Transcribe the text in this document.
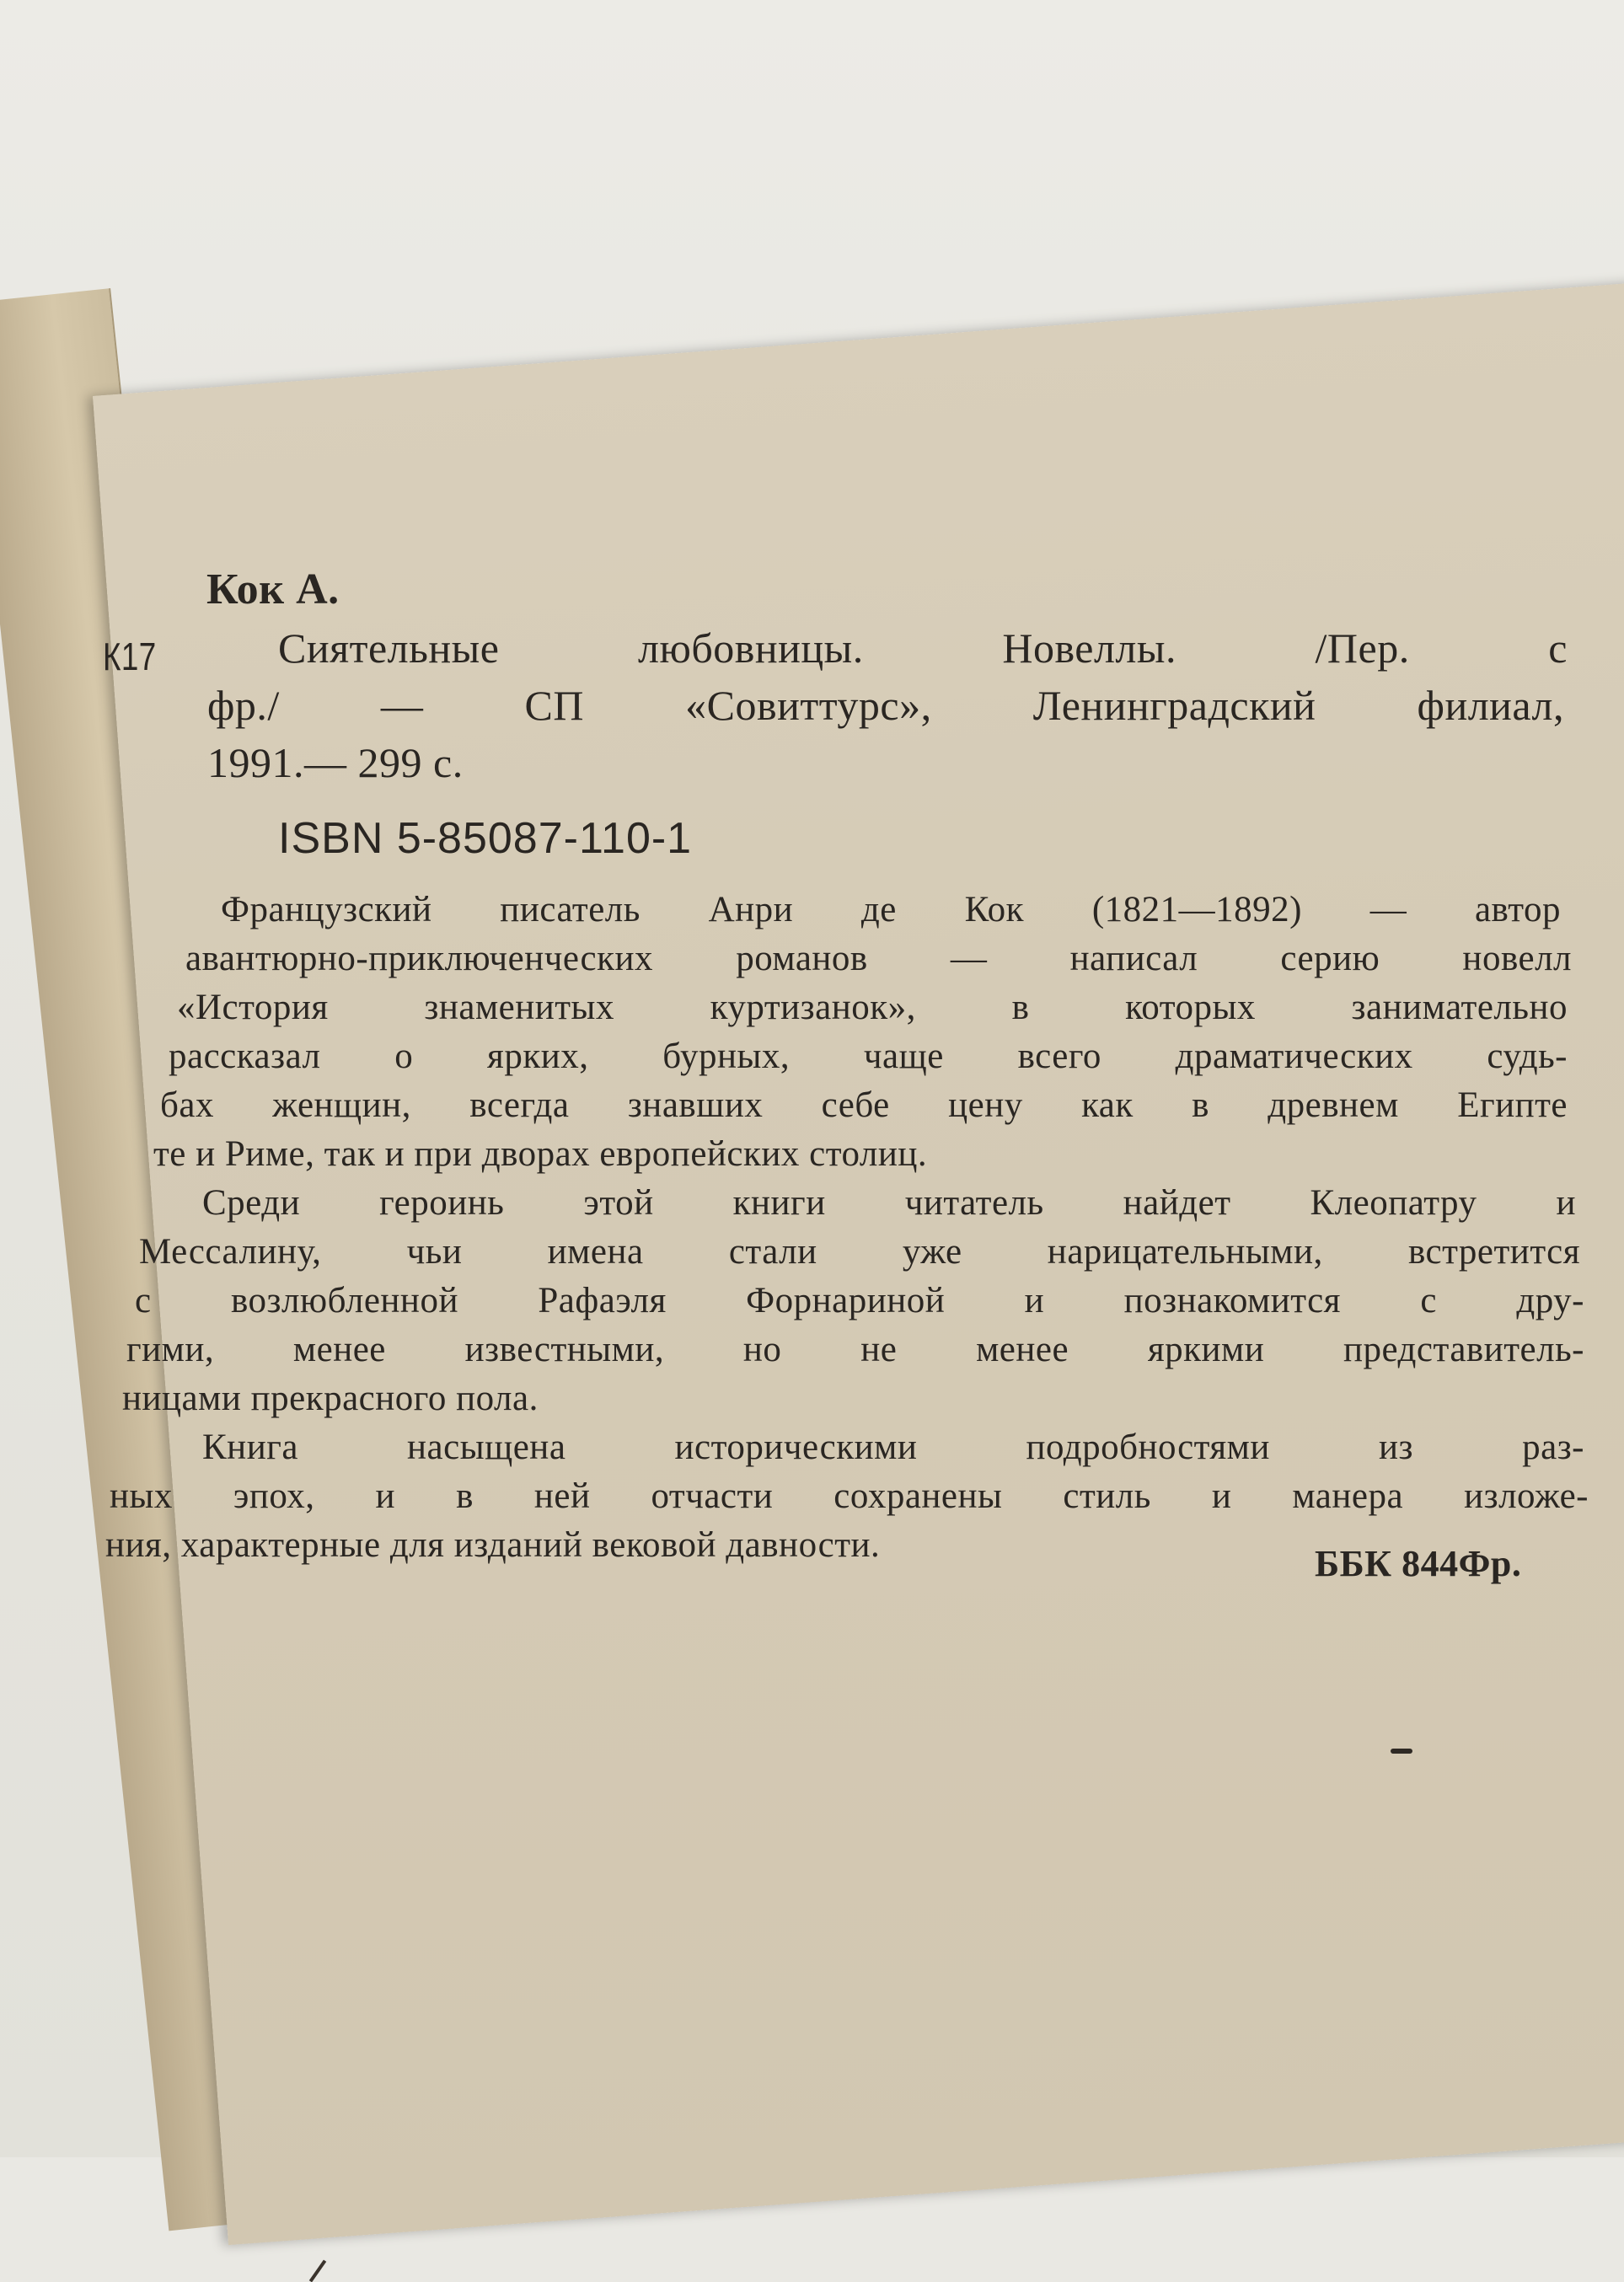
Кок А.
К17	Сиятельные любовницы. Новеллы. /Пер. с
фр./ — СП «Совиттурс», Ленинградский филиал,
1991.— 299 с.
ISBN 5-85087-110-1
Французский писатель Анри де Кок (1821—1892) — автор
авантюрно-приключенческих романов — написал серию новелл
«История знаменитых куртизанок», в которых занимательно
рассказал о ярких, бурных, чаще всего драматических судь-
бах женщин, всегда знавших себе цену как в древнем Египте
те и Риме, так и при дворах европейских столиц.
Среди героинь этой книги читатель найдет Клеопатру и
Мессалину, чьи имена стали уже нарицательными, встретится
с возлюбленной Рафаэля Форнариной и познакомится с дру-
гими, менее известными, но не менее яркими представитель-
ницами прекрасного пола.
Книга насыщена историческими подробностями из раз-
ных эпох, и в ней отчасти сохранены стиль и манера изложе-
ния, характерные для изданий вековой давности.	ББК 844Фр.
